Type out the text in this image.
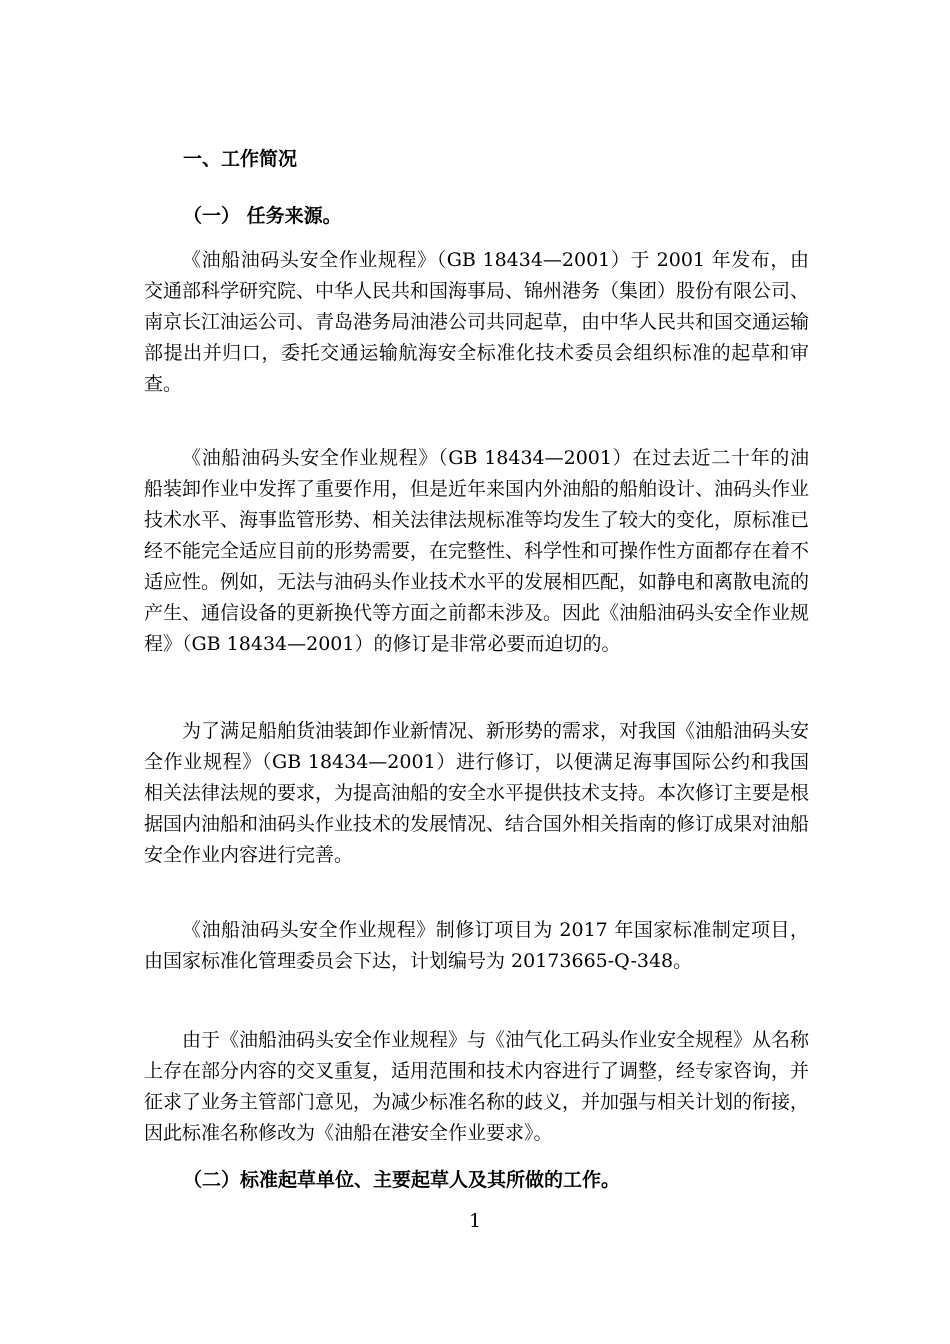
一、工作简况
（一） 任务来源。

《油船油码头安全作业规程》（GB 18434—2001）于 2001 年发布，由交通部科学研究院、中华人民共和国海事局、锦州港务（集团）股份有限公司、南京长江油运公司、青岛港务局油港公司共同起草，由中华人民共和国交通运输部提出并归口，委托交通运输航海安全标准化技术委员会组织标准的起草和审查。

《油船油码头安全作业规程》（GB 18434—2001）在过去近二十年的油船装卸作业中发挥了重要作用，但是近年来国内外油船的船舶设计、油码头作业技术水平、海事监管形势、相关法律法规标准等均发生了较大的变化，原标准已经不能完全适应目前的形势需要，在完整性、科学性和可操作性方面都存在着不适应性。例如，无法与油码头作业技术水平的发展相匹配，如静电和离散电流的产生、通信设备的更新换代等方面之前都未涉及。因此《油船油码头安全作业规程》（GB 18434—2001）的修订是非常必要而迫切的。

为了满足船舶货油装卸作业新情况、新形势的需求，对我国《油船油码头安全作业规程》（GB 18434—2001）进行修订，以便满足海事国际公约和我国相关法律法规的要求，为提高油船的安全水平提供技术支持。本次修订主要是根据国内油船和油码头作业技术的发展情况、结合国外相关指南的修订成果对油船安全作业内容进行完善。

《油船油码头安全作业规程》制修订项目为 2017 年国家标准制定项目，由国家标准化管理委员会下达，计划编号为 20173665-Q-348。

由于《油船油码头安全作业规程》与《油气化工码头作业安全规程》从名称上存在部分内容的交叉重复，适用范围和技术内容进行了调整，经专家咨询，并征求了业务主管部门意见，为减少标准名称的歧义，并加强与相关计划的衔接，因此标准名称修改为《油船在港安全作业要求》。

（二）标准起草单位、主要起草人及其所做的工作。
1
